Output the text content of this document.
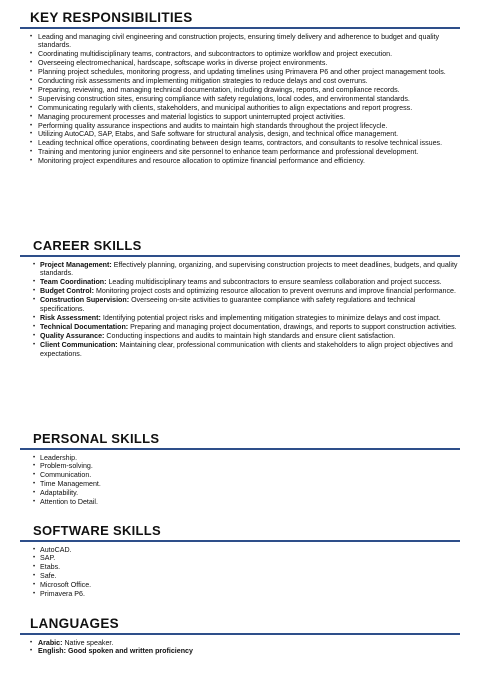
KEY RESPONSIBILITIES
• Leading and managing civil engineering and construction projects, ensuring timely delivery and adherence to budget and quality standards.
• Coordinating multidisciplinary teams, contractors, and subcontractors to optimize workflow and project execution.
• Overseeing electromechanical, hardscape, softscape works in diverse project environments.
• Planning project schedules, monitoring progress, and updating timelines using Primavera P6 and other project management tools.
• Conducting risk assessments and implementing mitigation strategies to reduce delays and cost overruns.
• Preparing, reviewing, and managing technical documentation, including drawings, reports, and compliance records.
• Supervising construction sites, ensuring compliance with safety regulations, local codes, and environmental standards.
• Communicating regularly with clients, stakeholders, and municipal authorities to align expectations and report progress.
• Managing procurement processes and material logistics to support uninterrupted project activities.
• Performing quality assurance inspections and audits to maintain high standards throughout the project lifecycle.
• Utilizing AutoCAD, SAP, Etabs, and Safe software for structural analysis, design, and technical office management.
• Leading technical office operations, coordinating between design teams, contractors, and consultants to resolve technical issues.
• Training and mentoring junior engineers and site personnel to enhance team performance and professional development.
• Monitoring project expenditures and resource allocation to optimize financial performance and efficiency.
CAREER SKILLS
• Project Management: Effectively planning, organizing, and supervising construction projects to meet deadlines, budgets, and quality standards.
• Team Coordination: Leading multidisciplinary teams and subcontractors to ensure seamless collaboration and project success.
• Budget Control: Monitoring project costs and optimizing resource allocation to prevent overruns and improve financial performance.
• Construction Supervision: Overseeing on-site activities to guarantee compliance with safety regulations and technical specifications.
• Risk Assessment: Identifying potential project risks and implementing mitigation strategies to minimize delays and cost impact.
• Technical Documentation: Preparing and managing project documentation, drawings, and reports to support construction activities.
• Quality Assurance: Conducting inspections and audits to maintain high standards and ensure client satisfaction.
• Client Communication: Maintaining clear, professional communication with clients and stakeholders to align project objectives and expectations.
PERSONAL SKILLS
• Leadership.
• Problem-solving.
• Communication.
• Time Management.
• Adaptability.
• Attention to Detail.
SOFTWARE SKILLS
• AutoCAD.
• SAP.
• Etabs.
• Safe.
• Microsoft Office.
• Primavera P6.
LANGUAGES
• Arabic: Native speaker.
• English: Good spoken and written proficiency
